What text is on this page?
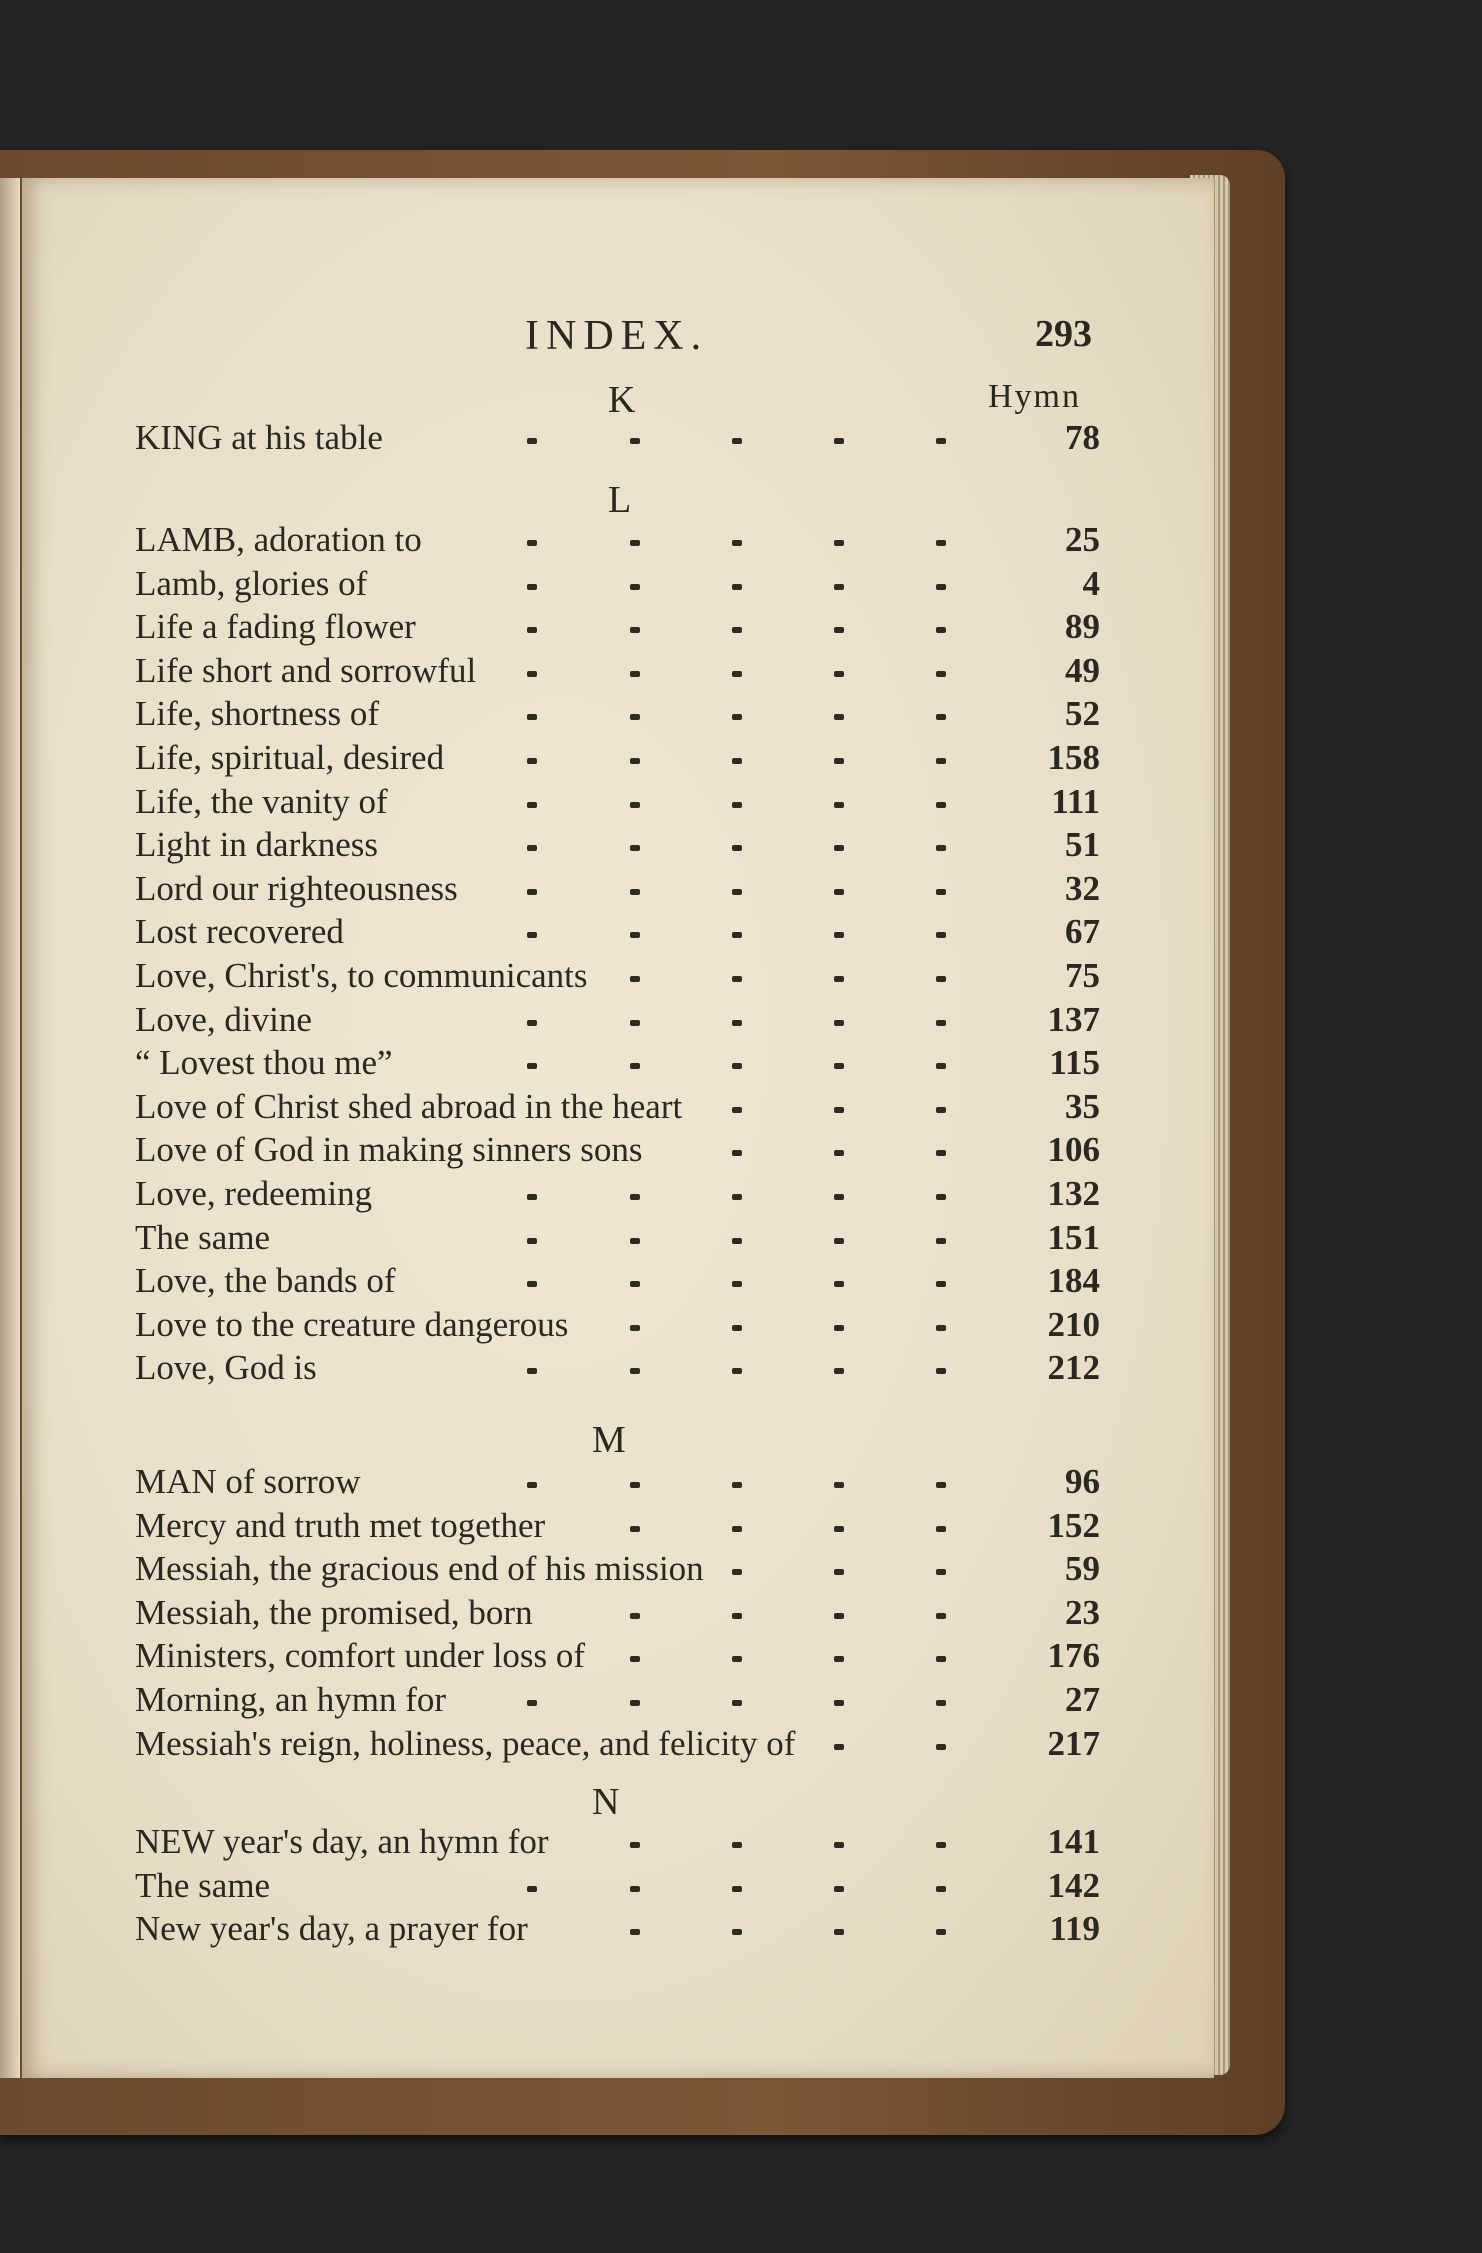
INDEX.	293
Hymn
K
KING at his table	78
L
LAMB, adoration to	25
Lamb, glories of	4
Life a fading flower	89
Life short and sorrowful	49
Life, shortness of	52
Life, spiritual, desired	158
Life, the vanity of	111
Light in darkness	51
Lord our righteousness	32
Lost recovered	67
Love, Christ's, to communicants	75
Love, divine	137
“ Lovest thou me”	115
Love of Christ shed abroad in the heart	35
Love of God in making sinners sons	106
Love, redeeming	132
The same	151
Love, the bands of	184
Love to the creature dangerous	210
Love, God is	212
M
MAN of sorrow	96
Mercy and truth met together	152
Messiah, the gracious end of his mission	59
Messiah, the promised, born	23
Ministers, comfort under loss of	176
Morning, an hymn for	27
Messiah's reign, holiness, peace, and felicity of	217
N
NEW year's day, an hymn for	141
The same	142
New year's day, a prayer for	119
